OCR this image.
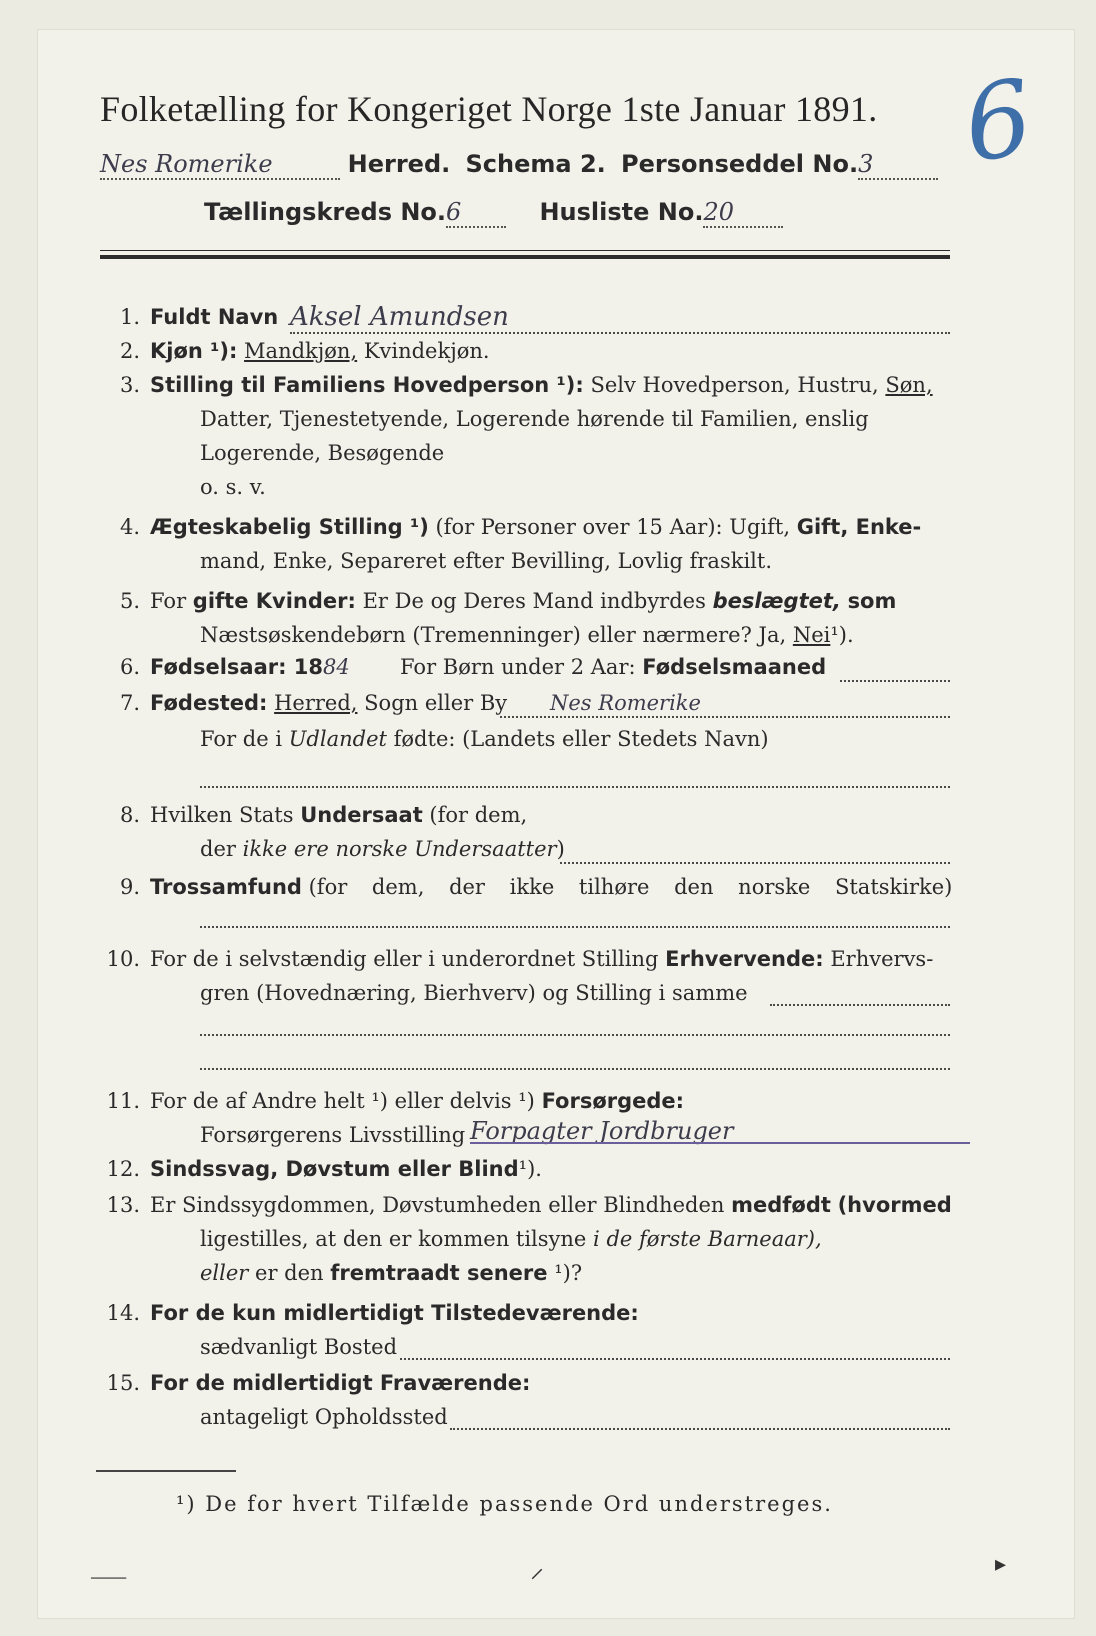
Folketælling for Kongeriget Norge 1ste Januar 1891. 6
Nes Romerike	Herred. Schema 2. Personseddel No.3
Tællingskreds No.6	Husliste No.20
1. Fuldt Navn Aksel Amundsen
2. Kjøn ¹): Mandkjøn, Kvindekjøn.
3. Stilling til Familiens Hovedperson ¹): Selv Hovedperson, Hustru, Søn,
Datter, Tjenestetyende, Logerende hørende til Familien, enslig
Logerende, Besøgende
o. s. v.
4. Ægteskabelig Stilling ¹) (for Personer over 15 Aar): Ugift, Gift, Enke-
mand, Enke, Separeret efter Bevilling, Lovlig fraskilt.
5. For gifte Kvinder: Er De og Deres Mand indbyrdes beslægtet, som
Næstsøskendebørn (Tremenninger) eller nærmere? Ja, Nei¹).
6. Fødselsaar: 1884 For Børn under 2 Aar: Fødselsmaaned
7. Fødested: Herred, Sogn eller By Nes Romerike
For de i Udlandet fødte: (Landets eller Stedets Navn)
8. Hvilken Stats Undersaat (for dem,
der ikke ere norske Undersaatter)
9. Trossamfund (for dem, der ikke tilhøre den norske Statskirke)
10. For de i selvstændig eller i underordnet Stilling Erhvervende: Erhvervs-
gren (Hovednæring, Bierhverv) og Stilling i samme
11. For de af Andre helt ¹) eller delvis ¹) Forsørgede:
Forsørgerens Livsstilling Forpagter Jordbruger
12. Sindssvag, Døvstum eller Blind¹).
13. Er Sindssygdommen, Døvstumheden eller Blindheden medfødt (hvormed
ligestilles, at den er kommen tilsyne i de første Barneaar),
eller er den fremtraadt senere ¹)?
14. For de kun midlertidigt Tilstedeværende:
sædvanligt Bosted
15. For de midlertidigt Fraværende:
antageligt Opholdssted
¹) De for hvert Tilfælde passende Ord understreges.
⸝	▸
⸺
